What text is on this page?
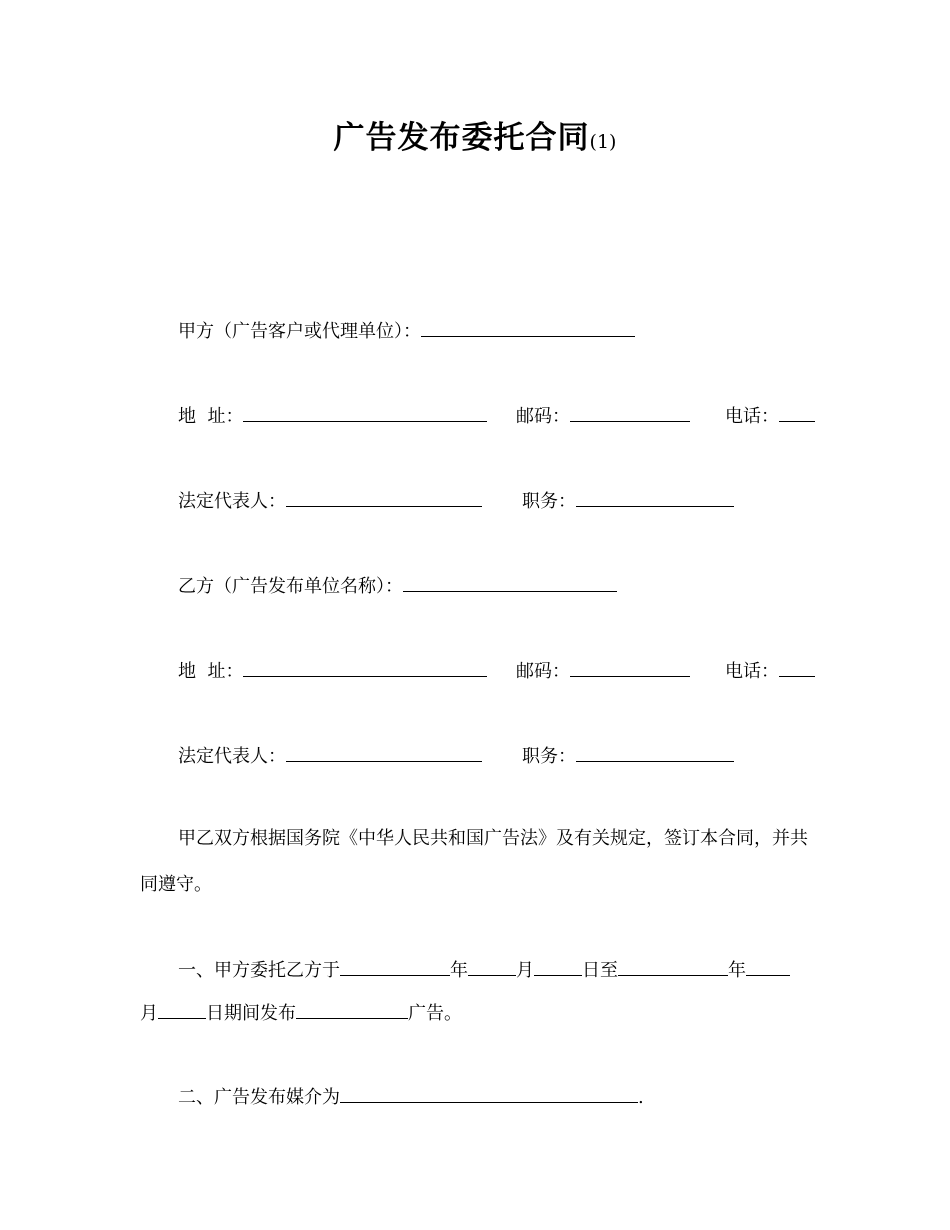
广告发布委托合同(1)
甲方（广告客户或代理单位）：
地  址：	邮码：	电话：
法定代表人：	职务：
乙方（广告发布单位名称）：
地  址：	邮码：	电话：
法定代表人：	职务：
甲乙双方根据国务院《中华人民共和国广告法》及有关规定，签订本合同，并共
同遵守。
一、甲方委托乙方于	年	月	日至	年
月	日期间发布	广告。
二、广告发布媒介为	.
